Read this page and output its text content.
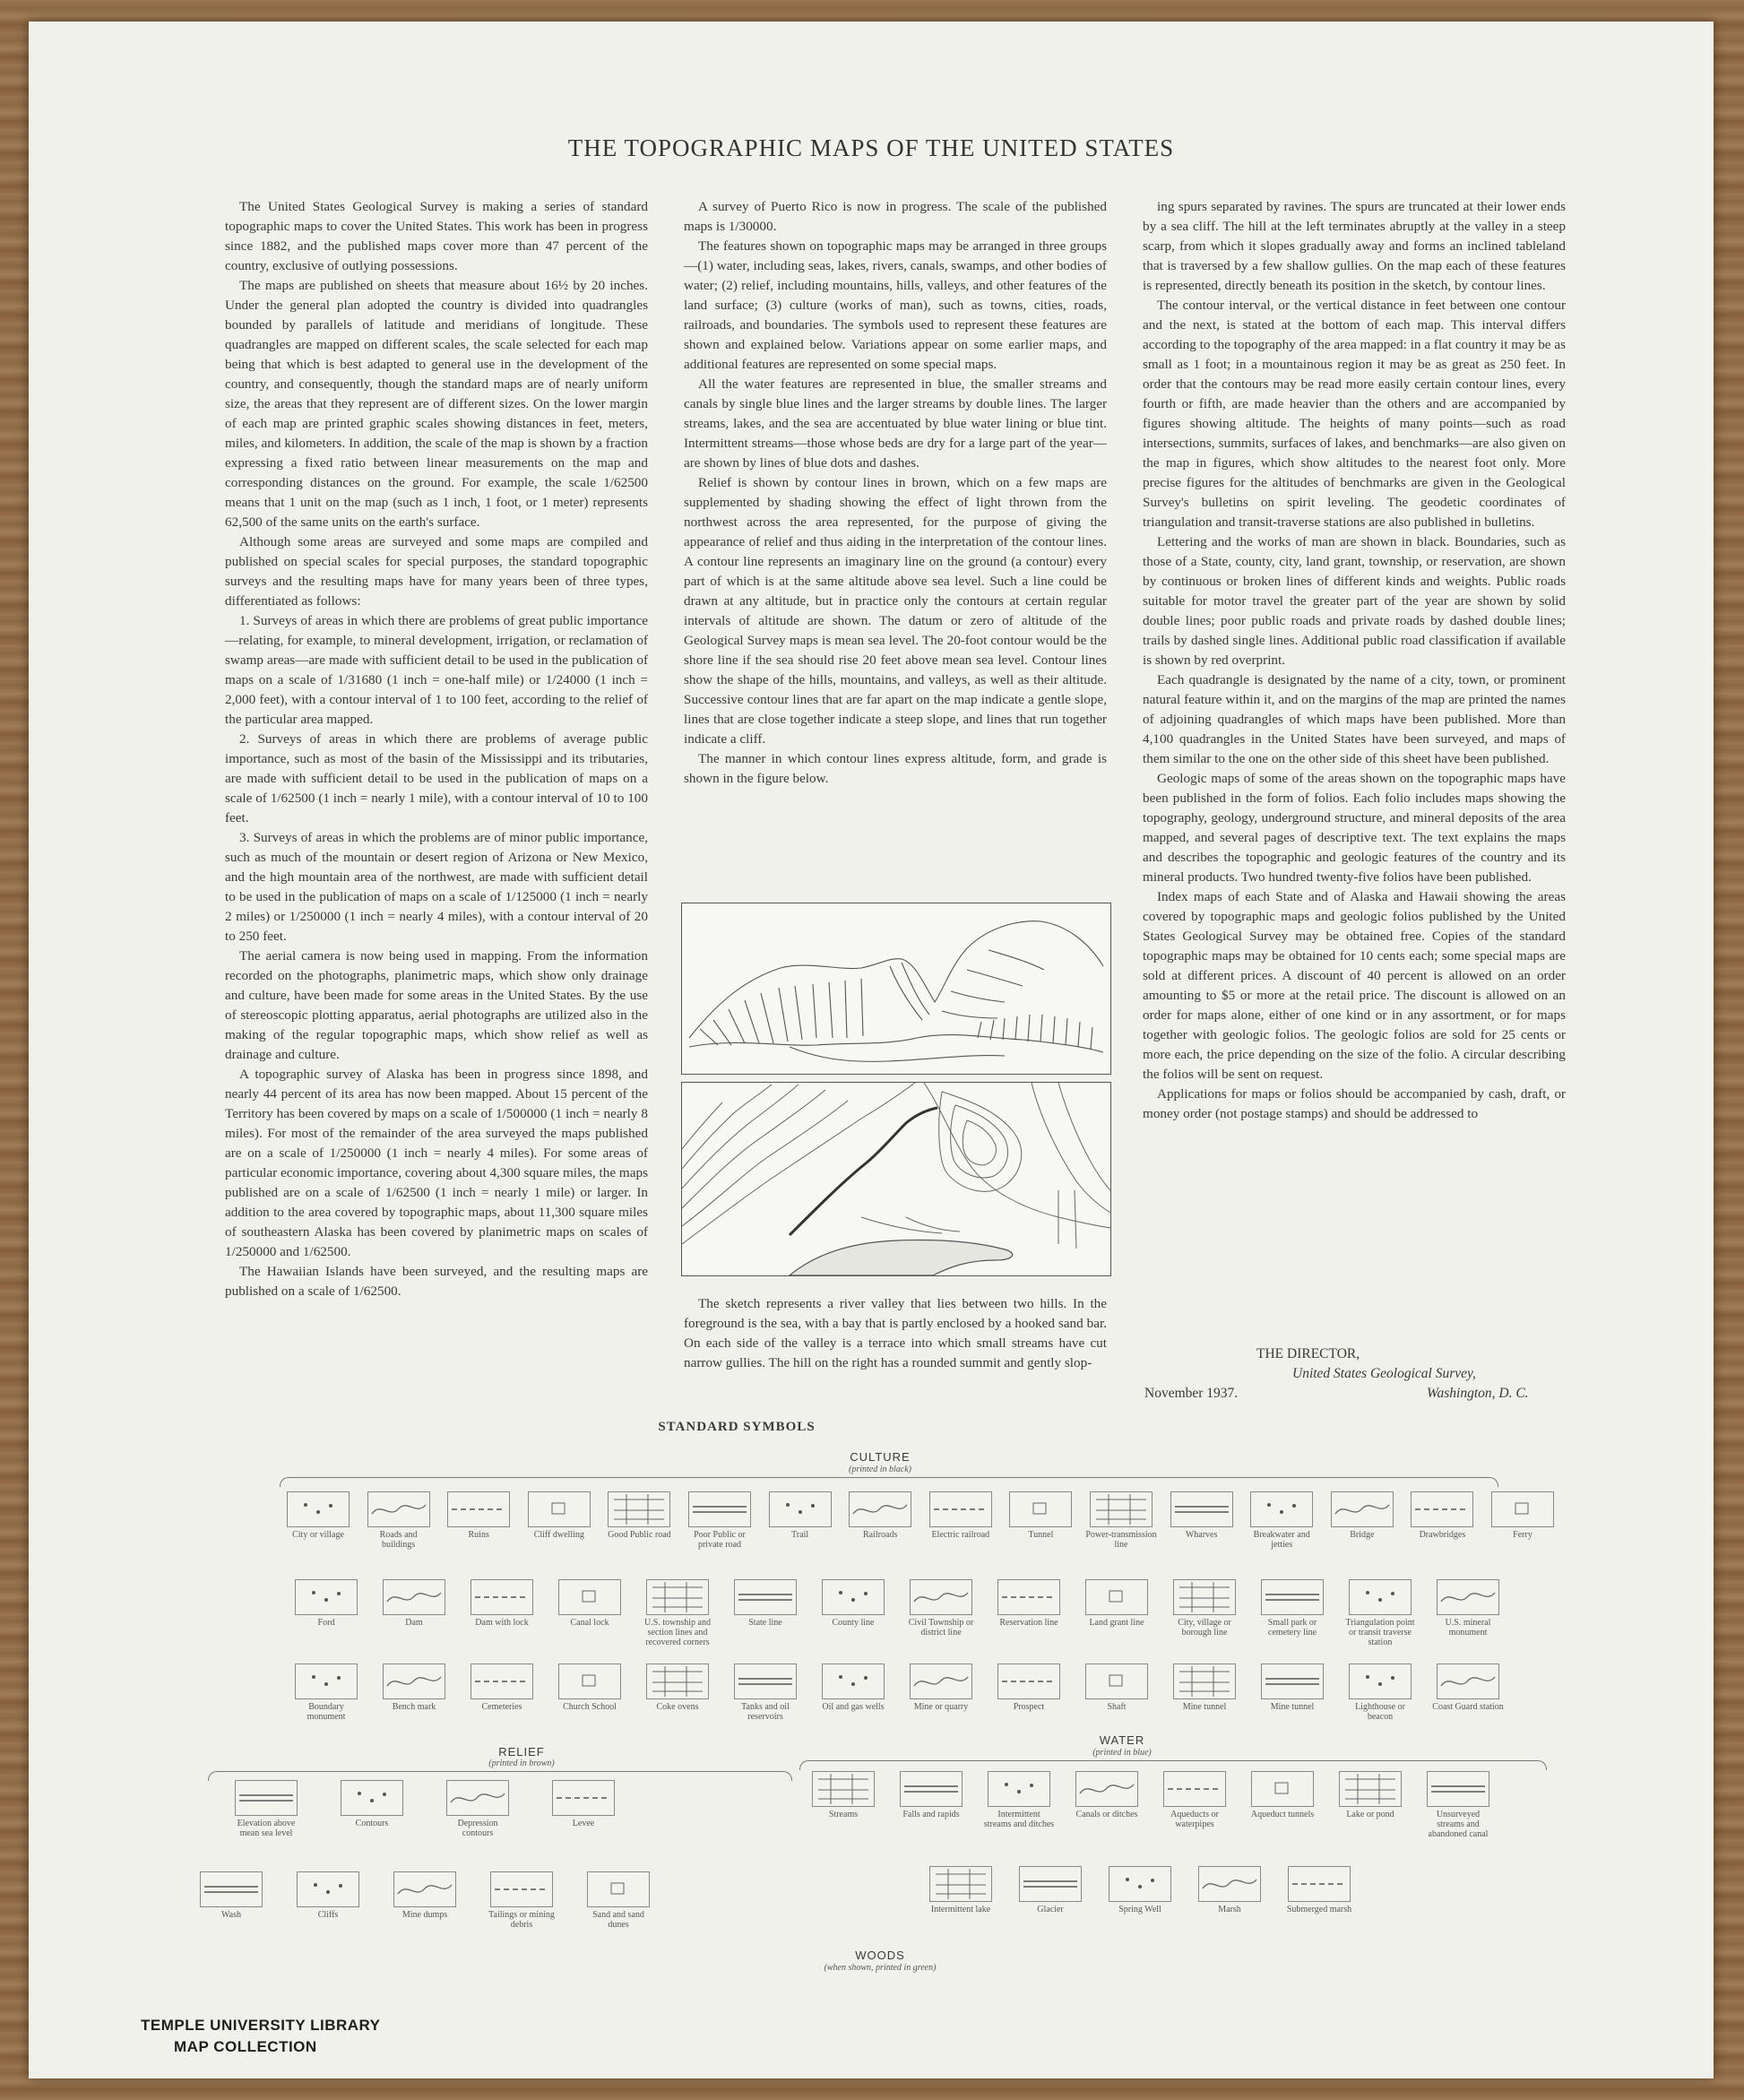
THE TOPOGRAPHIC MAPS OF THE UNITED STATES

The United States Geological Survey is making a series of standard topographic maps to cover the United States. This work has been in progress since 1882, and the published maps cover more than 47 percent of the country, exclusive of outlying possessions.

The maps are published on sheets that measure about 16½ by 20 inches. Under the general plan adopted the country is divided into quadrangles bounded by parallels of latitude and meridians of longitude. These quadrangles are mapped on different scales, the scale selected for each map being that which is best adapted to general use in the development of the country, and consequently, though the standard maps are of nearly uniform size, the areas that they represent are of different sizes. On the lower margin of each map are printed graphic scales showing distances in feet, meters, miles, and kilometers. In addition, the scale of the map is shown by a fraction expressing a fixed ratio between linear measurements on the map and corresponding distances on the ground. For example, the scale 1/62500 means that 1 unit on the map (such as 1 inch, 1 foot, or 1 meter) represents 62,500 of the same units on the earth's surface.

Although some areas are surveyed and some maps are compiled and published on special scales for special purposes, the standard topographic surveys and the resulting maps have for many years been of three types, differentiated as follows:

1. Surveys of areas in which there are problems of great public importance—relating, for example, to mineral development, irrigation, or reclamation of swamp areas—are made with sufficient detail to be used in the publication of maps on a scale of 1/31680 (1 inch = one-half mile) or 1/24000 (1 inch = 2,000 feet), with a contour interval of 1 to 100 feet, according to the relief of the particular area mapped.

2. Surveys of areas in which there are problems of average public importance, such as most of the basin of the Mississippi and its tributaries, are made with sufficient detail to be used in the publication of maps on a scale of 1/62500 (1 inch = nearly 1 mile), with a contour interval of 10 to 100 feet.

3. Surveys of areas in which the problems are of minor public importance, such as much of the mountain or desert region of Arizona or New Mexico, and the high mountain area of the northwest, are made with sufficient detail to be used in the publication of maps on a scale of 1/125000 (1 inch = nearly 2 miles) or 1/250000 (1 inch = nearly 4 miles), with a contour interval of 20 to 250 feet.

The aerial camera is now being used in mapping. From the information recorded on the photographs, planimetric maps, which show only drainage and culture, have been made for some areas in the United States. By the use of stereoscopic plotting apparatus, aerial photographs are utilized also in the making of the regular topographic maps, which show relief as well as drainage and culture.

A topographic survey of Alaska has been in progress since 1898, and nearly 44 percent of its area has now been mapped. About 15 percent of the Territory has been covered by maps on a scale of 1/500000 (1 inch = nearly 8 miles). For most of the remainder of the area surveyed the maps published are on a scale of 1/250000 (1 inch = nearly 4 miles). For some areas of particular economic importance, covering about 4,300 square miles, the maps published are on a scale of 1/62500 (1 inch = nearly 1 mile) or larger. In addition to the area covered by topographic maps, about 11,300 square miles of southeastern Alaska has been covered by planimetric maps on scales of 1/250000 and 1/62500.

The Hawaiian Islands have been surveyed, and the resulting maps are published on a scale of 1/62500.

A survey of Puerto Rico is now in progress. The scale of the published maps is 1/30000.

The features shown on topographic maps may be arranged in three groups—(1) water, including seas, lakes, rivers, canals, swamps, and other bodies of water; (2) relief, including mountains, hills, valleys, and other features of the land surface; (3) culture (works of man), such as towns, cities, roads, railroads, and boundaries. The symbols used to represent these features are shown and explained below. Variations appear on some earlier maps, and additional features are represented on some special maps.

All the water features are represented in blue, the smaller streams and canals by single blue lines and the larger streams by double lines. The larger streams, lakes, and the sea are accentuated by blue water lining or blue tint. Intermittent streams—those whose beds are dry for a large part of the year—are shown by lines of blue dots and dashes.

Relief is shown by contour lines in brown, which on a few maps are supplemented by shading showing the effect of light thrown from the northwest across the area represented, for the purpose of giving the appearance of relief and thus aiding in the interpretation of the contour lines. A contour line represents an imaginary line on the ground (a contour) every part of which is at the same altitude above sea level. Such a line could be drawn at any altitude, but in practice only the contours at certain regular intervals of altitude are shown. The datum or zero of altitude of the Geological Survey maps is mean sea level. The 20-foot contour would be the shore line if the sea should rise 20 feet above mean sea level. Contour lines show the shape of the hills, mountains, and valleys, as well as their altitude. Successive contour lines that are far apart on the map indicate a gentle slope, lines that are close together indicate a steep slope, and lines that run together indicate a cliff.

The manner in which contour lines express altitude, form, and grade is shown in the figure below.

The sketch represents a river valley that lies between two hills. In the foreground is the sea, with a bay that is partly enclosed by a hooked sand bar. On each side of the valley is a terrace into which small streams have cut narrow gullies. The hill on the right has a rounded summit and gently slop-

ing spurs separated by ravines. The spurs are truncated at their lower ends by a sea cliff. The hill at the left terminates abruptly at the valley in a steep scarp, from which it slopes gradually away and forms an inclined tableland that is traversed by a few shallow gullies. On the map each of these features is represented, directly beneath its position in the sketch, by contour lines.

The contour interval, or the vertical distance in feet between one contour and the next, is stated at the bottom of each map. This interval differs according to the topography of the area mapped: in a flat country it may be as small as 1 foot; in a mountainous region it may be as great as 250 feet. In order that the contours may be read more easily certain contour lines, every fourth or fifth, are made heavier than the others and are accompanied by figures showing altitude. The heights of many points—such as road intersections, summits, surfaces of lakes, and benchmarks—are also given on the map in figures, which show altitudes to the nearest foot only. More precise figures for the altitudes of benchmarks are given in the Geological Survey's bulletins on spirit leveling. The geodetic coordinates of triangulation and transit-traverse stations are also published in bulletins.

Lettering and the works of man are shown in black. Boundaries, such as those of a State, county, city, land grant, township, or reservation, are shown by continuous or broken lines of different kinds and weights. Public roads suitable for motor travel the greater part of the year are shown by solid double lines; poor public roads and private roads by dashed double lines; trails by dashed single lines. Additional public road classification if available is shown by red overprint.

Each quadrangle is designated by the name of a city, town, or prominent natural feature within it, and on the margins of the map are printed the names of adjoining quadrangles of which maps have been published. More than 4,100 quadrangles in the United States have been surveyed, and maps of them similar to the one on the other side of this sheet have been published.

Geologic maps of some of the areas shown on the topographic maps have been published in the form of folios. Each folio includes maps showing the topography, geology, underground structure, and mineral deposits of the area mapped, and several pages of descriptive text. The text explains the maps and describes the topographic and geologic features of the country and its mineral products. Two hundred twenty-five folios have been published.

Index maps of each State and of Alaska and Hawaii showing the areas covered by topographic maps and geologic folios published by the United States Geological Survey may be obtained free. Copies of the standard topographic maps may be obtained for 10 cents each; some special maps are sold at different prices. A discount of 40 percent is allowed on an order amounting to $5 or more at the retail price. The discount is allowed on an order for maps alone, either of one kind or in any assortment, or for maps together with geologic folios. The geologic folios are sold for 25 cents or more each, the price depending on the size of the folio. A circular describing the folios will be sent on request.

Applications for maps or folios should be accompanied by cash, draft, or money order (not postage stamps) and should be addressed to

THE DIRECTOR,
United States Geological Survey,
Washington, D. C.
November 1937.
STANDARD SYMBOLS
CULTURE
(printed in black)
City or village	Roads and buildings
Ruins	Cliff dwelling	Good Public road	Poor Public or private road
Trail	Railroads	Electric railroad	Tunnel	Power-transmission line
Wharves	Breakwater and jetties
Bridge	Drawbridges	Ferry
Ford	Dam	Dam with lock	Canal lock	U.S. township and section lines and recovered corners
State line	County line	Civil Township or district line
Reservation line	Land grant line	City, village or borough line
Small park or cemetery line
Triangulation point or transit traverse station
U.S. mineral monument
Boundary monument
Bench mark	Cemeteries	Church School	Coke ovens	Tanks and oil reservoirs
Oil and gas wells	Mine or quarry	Prospect	Shaft	Mine tunnel	Mine tunnel	Lighthouse or beacon
Coast Guard station
RELIEF
(printed in brown)
WATER
(printed in blue)
Elevation above mean sea level
Contours	Depression contours
Levee
Wash	Cliffs	Mine dumps	Tailings or mining debris
Sand and sand dunes
Streams	Falls and rapids	Intermittent streams and ditches
Canals or ditches	Aqueducts or waterpipes
Aqueduct tunnels	Lake or pond	Unsurveyed streams and abandoned canal
Intermittent lake	Glacier	Spring Well	Marsh	Submerged marsh
WOODS
(when shown, printed in green)
TEMPLE UNIVERSITY LIBRARY
MAP COLLECTION
